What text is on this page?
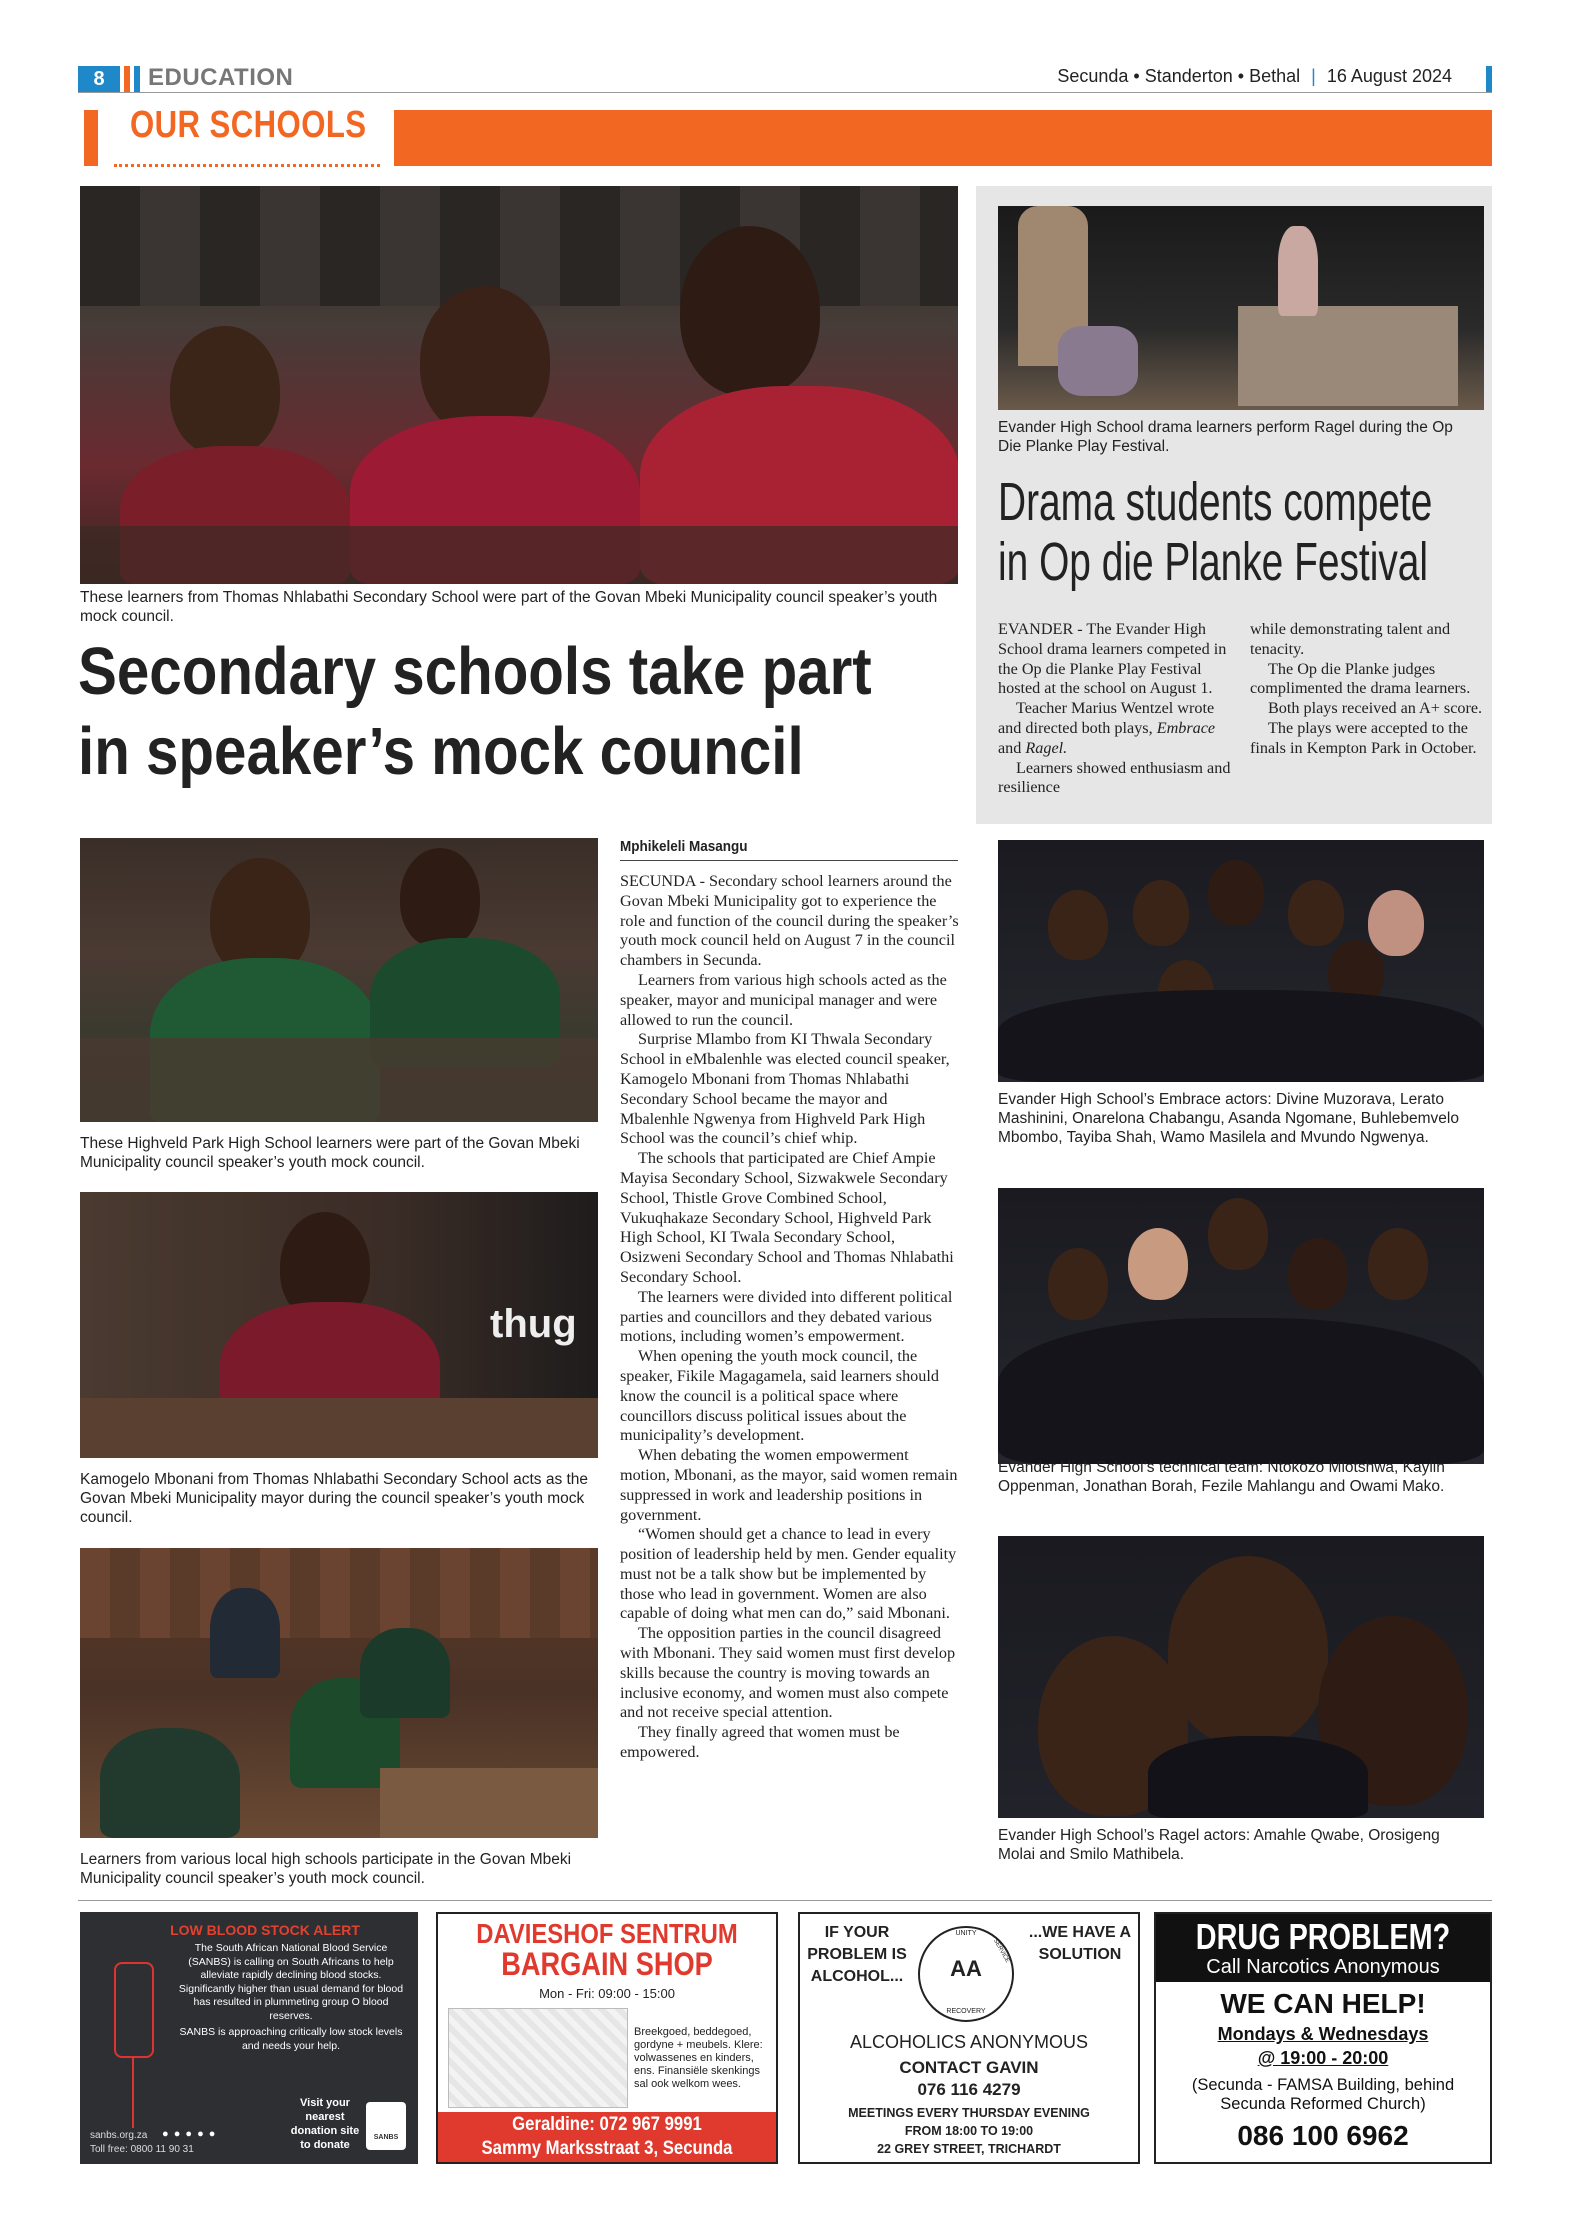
8	EDUCATION	Secunda • Standerton • Bethal | 16 August 2024
OUR SCHOOLS
These learners from Thomas Nhlabathi Secondary School were part of the Govan Mbeki Municipality council speaker’s youth mock council.
Secondary schools take part
in speaker’s mock council
These Highveld Park High School learners were part of the Govan Mbeki Municipality council speaker’s youth mock council.
thug
Kamogelo Mbonani from Thomas Nhlabathi Secondary School acts as the Govan Mbeki Municipality mayor during the council speaker’s youth mock council.
Learners from various local high schools participate in the Govan Mbeki Municipality council speaker’s youth mock council.
Mphikeleli Masangu

SECUNDA - Secondary school learners around the Govan Mbeki Municipality got to experience the role and function of the council during the speaker’s youth mock council held on August 7 in the council chambers in Secunda.

Learners from various high schools acted as the speaker, mayor and municipal manager and were allowed to run the council.

Surprise Mlambo from KI Thwala Secondary School in eMbalenhle was elected council speaker, Kamogelo Mbonani from Thomas Nhlabathi Secondary School became the mayor and Mbalenhle Ngwenya from Highveld Park High School was the council’s chief whip.

The schools that participated are Chief Ampie Mayisa Secondary School, Sizwakwele Secondary School, Thistle Grove Combined School, Vukuqhakaze Secondary School, Highveld Park High School, KI Twala Secondary School, Osizweni Secondary School and Thomas Nhlabathi Secondary School.

The learners were divided into different political parties and councillors and they debated various motions, including women’s empowerment.

When opening the youth mock council, the speaker, Fikile Magagamela, said learners should know the council is a political space where councillors discuss political issues about the municipality’s development.

When debating the women empowerment motion, Mbonani, as the mayor, said women remain suppressed in work and leadership positions in government.

“Women should get a chance to lead in every position of leadership held by men. Gender equality must not be a talk show but be implemented by those who lead in government. Women are also capable of doing what men can do,” said Mbonani.

The opposition parties in the council disagreed with Mbonani. They said women must first develop skills because the country is moving towards an inclusive economy, and women must also compete and not receive special attention.

They finally agreed that women must be empowered.

Evander High School drama learners perform Ragel during the Op Die Planke Play Festival.
Drama students compete
in Op die Planke Festival

EVANDER - The Evander High School drama learners competed in the Op die Planke Play Festival hosted at the school on August 1.

Teacher Marius Wentzel wrote and directed both plays, Embrace and Ragel.

Learners showed enthusiasm and resilience

while demonstrating talent and tenacity.

The Op die Planke judges complimented the drama learners.

Both plays received an A+ score.

The plays were accepted to the finals in Kempton Park in October.

Evander High School’s Embrace actors: Divine Muzorava, Lerato Mashinini, Onarelona Chabangu, Asanda Ngomane, Buhlebemvelo Mbombo, Tayiba Shah, Wamo Masilela and Mvundo Ngwenya.
Evander High School’s technical team: Ntokozo Mlotshwa, Kaylin Oppenman, Jonathan Borah, Fezile Mahlangu and Owami Mako.
Evander High School’s Ragel actors: Amahle Qwabe, Orosigeng Molai and Smilo Mathibela.
LOW BLOOD STOCK ALERT
The South African National Blood Service (SANBS) is calling on South Africans to help alleviate rapidly declining blood stocks. Significantly higher than usual demand for blood has resulted in plummeting group O blood reserves.
SANBS is approaching critically low stock levels and needs your help.
Visit your nearest donation site to donate
SANBS
sanbs.org.za ● ● ● ● ●
Toll free: 0800 11 90 31
DAVIESHOF SENTRUM
BARGAIN SHOP
Mon - Fri: 09:00 - 15:00
Breekgoed, beddegoed, gordyne + meubels. Klere: volwassenes en kinders, ens. Finansiële skenkings sal ook welkom wees.
Geraldine: 072 967 9991
Sammy Marksstraat 3, Secunda
IF YOUR PROBLEM IS ALCOHOL...	AA
UNITY
RECOVERY
SERVICE
...WE HAVE A SOLUTION
ALCOHOLICS ANONYMOUS
CONTACT GAVIN
076 116 4279
MEETINGS EVERY THURSDAY EVENING
FROM 18:00 TO 19:00
22 GREY STREET, TRICHARDT
DRUG PROBLEM?
Call Narcotics Anonymous
WE CAN HELP!
Mondays & Wednesdays
@ 19:00 - 20:00
(Secunda - FAMSA Building, behind Secunda Reformed Church)
086 100 6962
